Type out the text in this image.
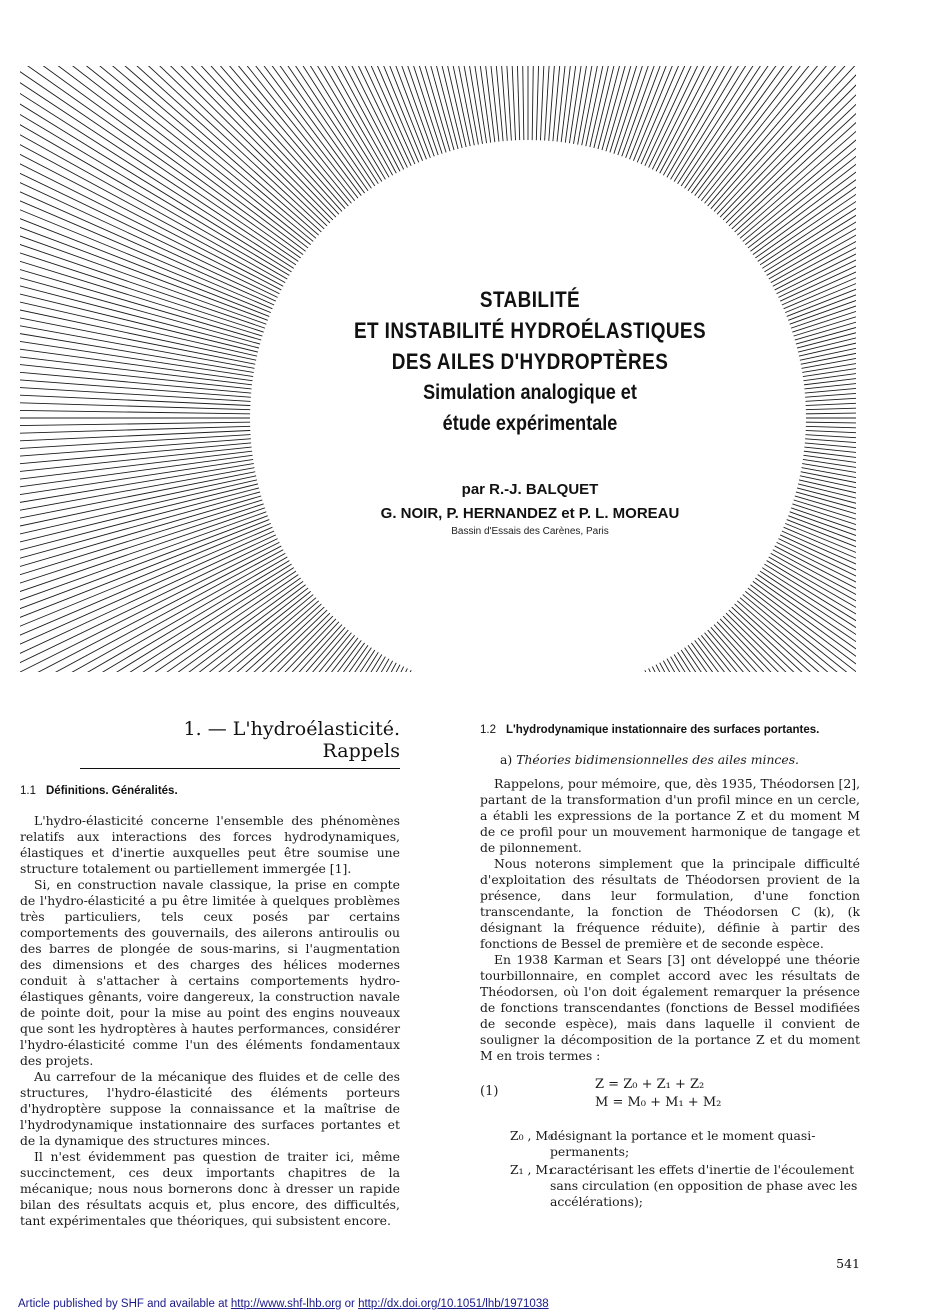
STABILITÉ
ET INSTABILITÉ HYDROÉLASTIQUES
DES AILES D'HYDROPTÈRES
Simulation analogique et
étude expérimentale
par R.-J. BALQUET
G. NOIR, P. HERNANDEZ et P. L. MOREAU
Bassin d'Essais des Carènes, Paris
1. — L'hydroélasticité.
Rappels
1.1 Définitions. Généralités.

L'hydro-élasticité concerne l'ensemble des phénomènes relatifs aux interactions des forces hydrodynamiques, élastiques et d'inertie auxquelles peut être soumise une structure totalement ou partiellement immergée [1].

Si, en construction navale classique, la prise en compte de l'hydro-élasticité a pu être limitée à quelques problèmes très particuliers, tels ceux posés par certains comportements des gouvernails, des ailerons antiroulis ou des barres de plongée de sous-marins, si l'augmentation des dimensions et des charges des hélices modernes conduit à s'attacher à certains comportements hydro-élastiques gênants, voire dangereux, la construction navale de pointe doit, pour la mise au point des engins nouveaux que sont les hydroptères à hautes performances, considérer l'hydro-élasticité comme l'un des éléments fondamentaux des projets.

Au carrefour de la mécanique des fluides et de celle des structures, l'hydro-élasticité des éléments porteurs d'hydroptère suppose la connaissance et la maîtrise de l'hydrodynamique instationnaire des surfaces portantes et de la dynamique des structures minces.

Il n'est évidemment pas question de traiter ici, même succinctement, ces deux importants chapitres de la mécanique; nous nous bornerons donc à dresser un rapide bilan des résultats acquis et, plus encore, des difficultés, tant expérimentales que théoriques, qui subsistent encore.

1.2 L'hydrodynamique instationnaire des surfaces portantes.
a) Théories bidimensionnelles des ailes minces.

Rappelons, pour mémoire, que, dès 1935, Théodorsen [2], partant de la transformation d'un profil mince en un cercle, a établi les expressions de la portance Z et du moment M de ce profil pour un mouvement harmonique de tangage et de pilonnement.

Nous noterons simplement que la principale difficulté d'exploitation des résultats de Théodorsen provient de la présence, dans leur formulation, d'une fonction transcendante, la fonction de Théodorsen C (k), (k désignant la fréquence réduite), définie à partir des fonctions de Bessel de première et de seconde espèce.

En 1938 Karman et Sears [3] ont développé une théorie tourbillonnaire, en complet accord avec les résultats de Théodorsen, où l'on doit également remarquer la présence de fonctions transcendantes (fonctions de Bessel modifiées de seconde espèce), mais dans laquelle il convient de souligner la décomposition de la portance Z et du moment M en trois termes :

(1)	Z = Z₀ + Z₁ + Z₂
M = M₀ + M₁ + M₂
Z₀ , M₀
désignant la portance et le moment quasi-permanents;
Z₁ , M₁
caractérisant les effets d'inertie de l'écoulement sans circulation (en opposition de phase avec les accélérations);
541
Article published by SHF and available at http://www.shf-lhb.org or http://dx.doi.org/10.1051/lhb/1971038
